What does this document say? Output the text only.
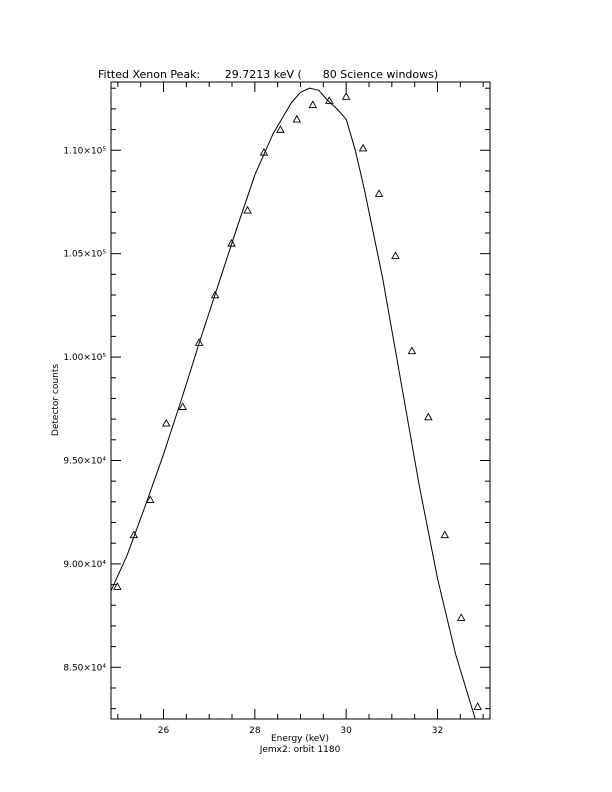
Fitted Xenon Peak:       29.7213 keV (      80 Science windows)
26	28	30	32
8.50×10⁴
9.00×10⁴
9.50×10⁴
1.00×10⁵
1.05×10⁵
1.10×10⁵
Energy (keV)
Jemx2: orbit 1180
Detector counts
